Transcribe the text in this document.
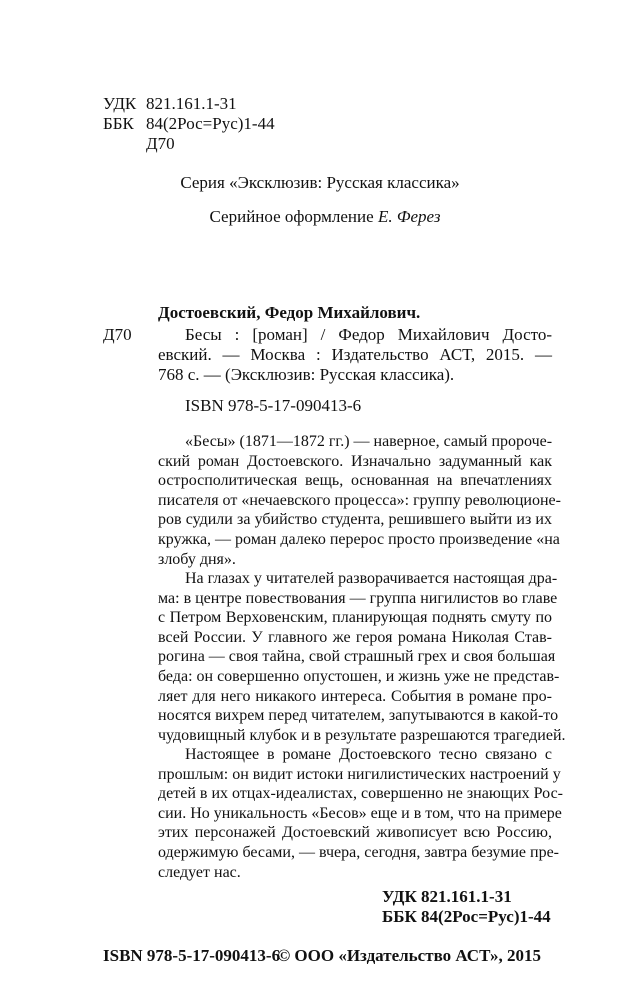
УДК 821.161.1-31
ББК 84(2Рос=Рус)1-44
Д70
Серия «Эксклюзив: Русская классика»
Серийное оформление Е. Ферез
Достоевский, Федор Михайлович.
Д70	Бесы : [роман] / Федор Михайлович Досто-
евский. — Москва : Издательство АСТ, 2015. —
768 с. — (Эксклюзив: Русская классика).
ISBN 978-5-17-090413-6
«Бесы» (1871—1872 гг.) — наверное, самый пророче-
ский роман Достоевского. Изначально задуманный как
остросполитическая вещь, основанная на впечатлениях
писателя от «нечаевского процесса»: группу революционе-
ров судили за убийство студента, решившего выйти из их
кружка, — роман далеко перерос просто произведение «на
злобу дня».
На глазах у читателей разворачивается настоящая дра-
ма: в центре повествования — группа нигилистов во главе
с Петром Верховенским, планирующая поднять смуту по
всей России. У главного же героя романа Николая Став-
рогина — своя тайна, свой страшный грех и своя большая
беда: он совершенно опустошен, и жизнь уже не представ-
ляет для него никакого интереса. События в романе про-
носятся вихрем перед читателем, запутываются в какой-то
чудовищный клубок и в результате разрешаются трагедией.
Настоящее в романе Достоевского тесно связано с
прошлым: он видит истоки нигилистических настроений у
детей в их отцах-идеалистах, совершенно не знающих Рос-
сии. Но уникальность «Бесов» еще и в том, что на примере
этих персонажей Достоевский живописует всю Россию,
одержимую бесами, — вчера, сегодня, завтра безумие пре-
следует нас.
УДК 821.161.1-31
ББК 84(2Рос=Рус)1-44
ISBN 978-5-17-090413-6
© ООО «Издательство АСТ», 2015
